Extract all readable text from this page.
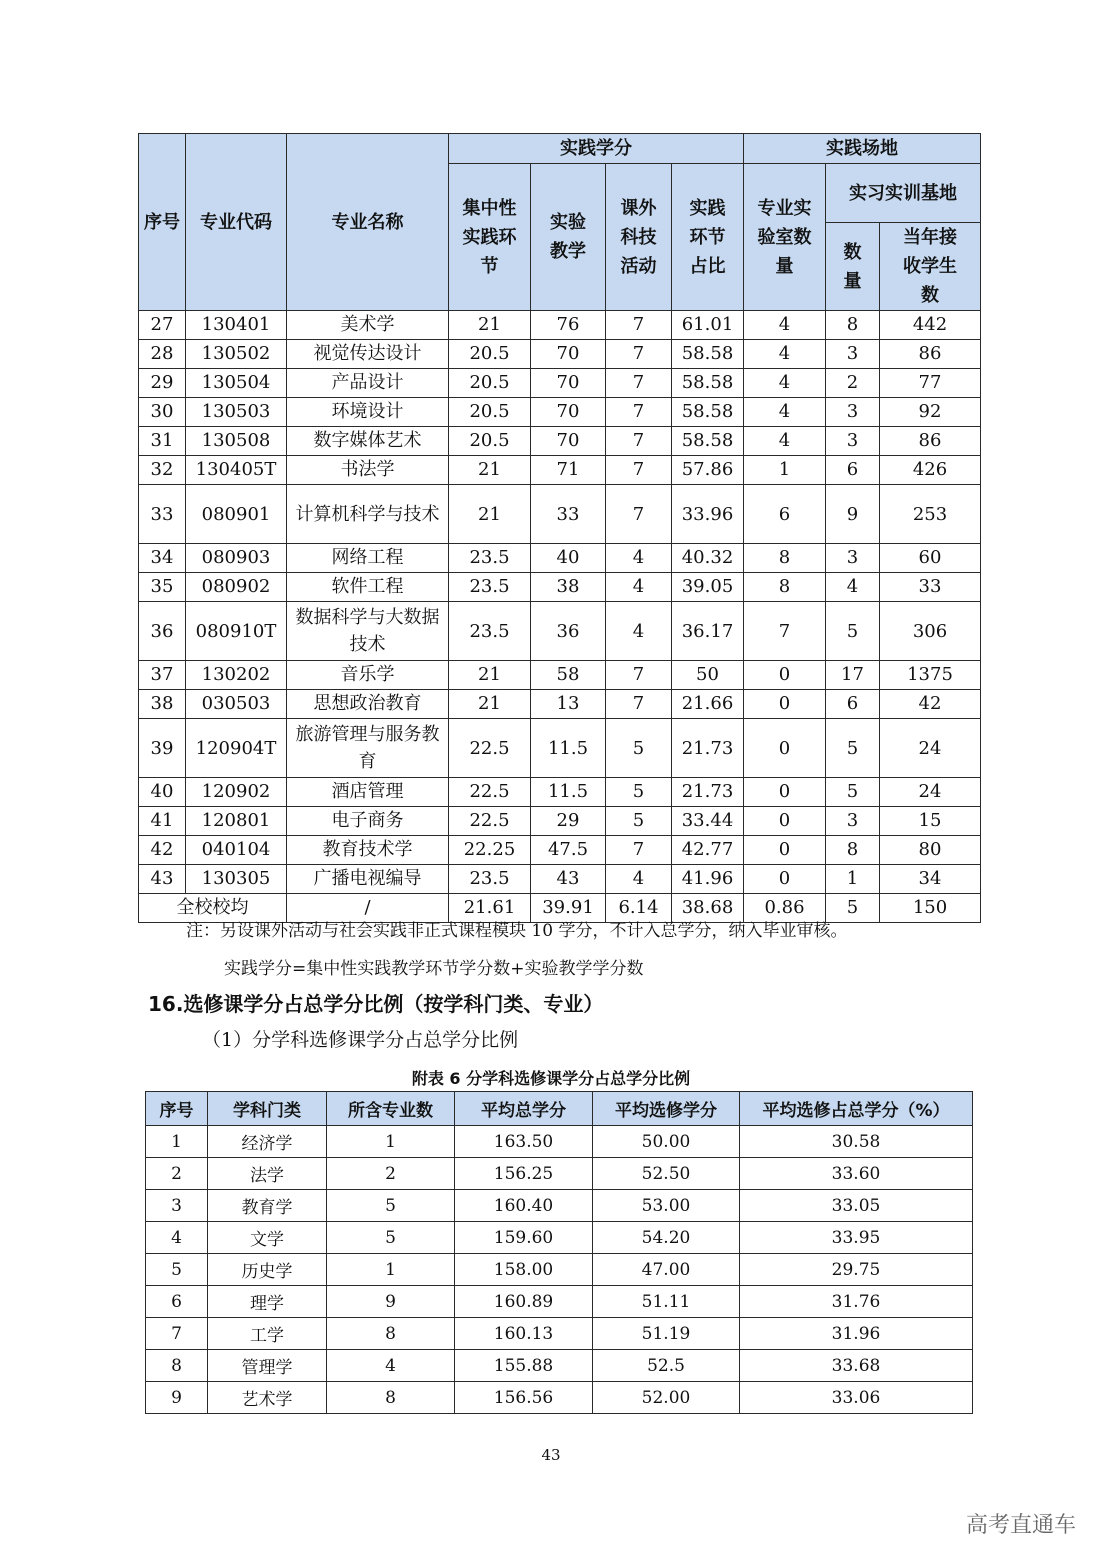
序号	专业代码	专业名称	实践学分				实践场地		
			集中性实践环节	实验教学	课外科技活动	实践环节占比	专业实验室数量	实习实训基地	
								数量	当年接收学生数
27	130401	美术学	21	76	7	61.01	4	8	442
28	130502	视觉传达设计	20.5	70	7	58.58	4	3	86
29	130504	产品设计	20.5	70	7	58.58	4	2	77
30	130503	环境设计	20.5	70	7	58.58	4	3	92
31	130508	数字媒体艺术	20.5	70	7	58.58	4	3	86
32	130405T	书法学	21	71	7	57.86	1	6	426
33	080901	计算机科学与技术	21	33	7	33.96	6	9	253
34	080903	网络工程	23.5	40	4	40.32	8	3	60
35	080902	软件工程	23.5	38	4	39.05	8	4	33
36	080910T	数据科学与大数据技术	23.5	36	4	36.17	7	5	306
37	130202	音乐学	21	58	7	50	0	17	1375
38	030503	思想政治教育	21	13	7	21.66	0	6	42
39	120904T	旅游管理与服务教育	22.5	11.5	5	21.73	0	5	24
40	120902	酒店管理	22.5	11.5	5	21.73	0	5	24
41	120801	电子商务	22.5	29	5	33.44	0	3	15
42	040104	教育技术学	22.25	47.5	7	42.77	0	8	80
43	130305	广播电视编导	23.5	43	4	41.96	0	1	34
全校校均		/	21.61	39.91	6.14	38.68	0.86	5	150
注：另设课外活动与社会实践非正式课程模块 10 学分，不计入总学分，纳入毕业审核。
实践学分=集中性实践教学环节学分数+实验教学学分数
16.选修课学分占总学分比例（按学科门类、专业）
（1）分学科选修课学分占总学分比例
附表 6 分学科选修课学分占总学分比例
序号	学科门类	所含专业数	平均总学分	平均选修学分	平均选修占总学分（%）
1	经济学	1	163.50	50.00	30.58
2	法学	2	156.25	52.50	33.60
3	教育学	5	160.40	53.00	33.05
4	文学	5	159.60	54.20	33.95
5	历史学	1	158.00	47.00	29.75
6	理学	9	160.89	51.11	31.76
7	工学	8	160.13	51.19	31.96
8	管理学	4	155.88	52.5	33.68
9	艺术学	8	156.56	52.00	33.06
43
高考直通车
